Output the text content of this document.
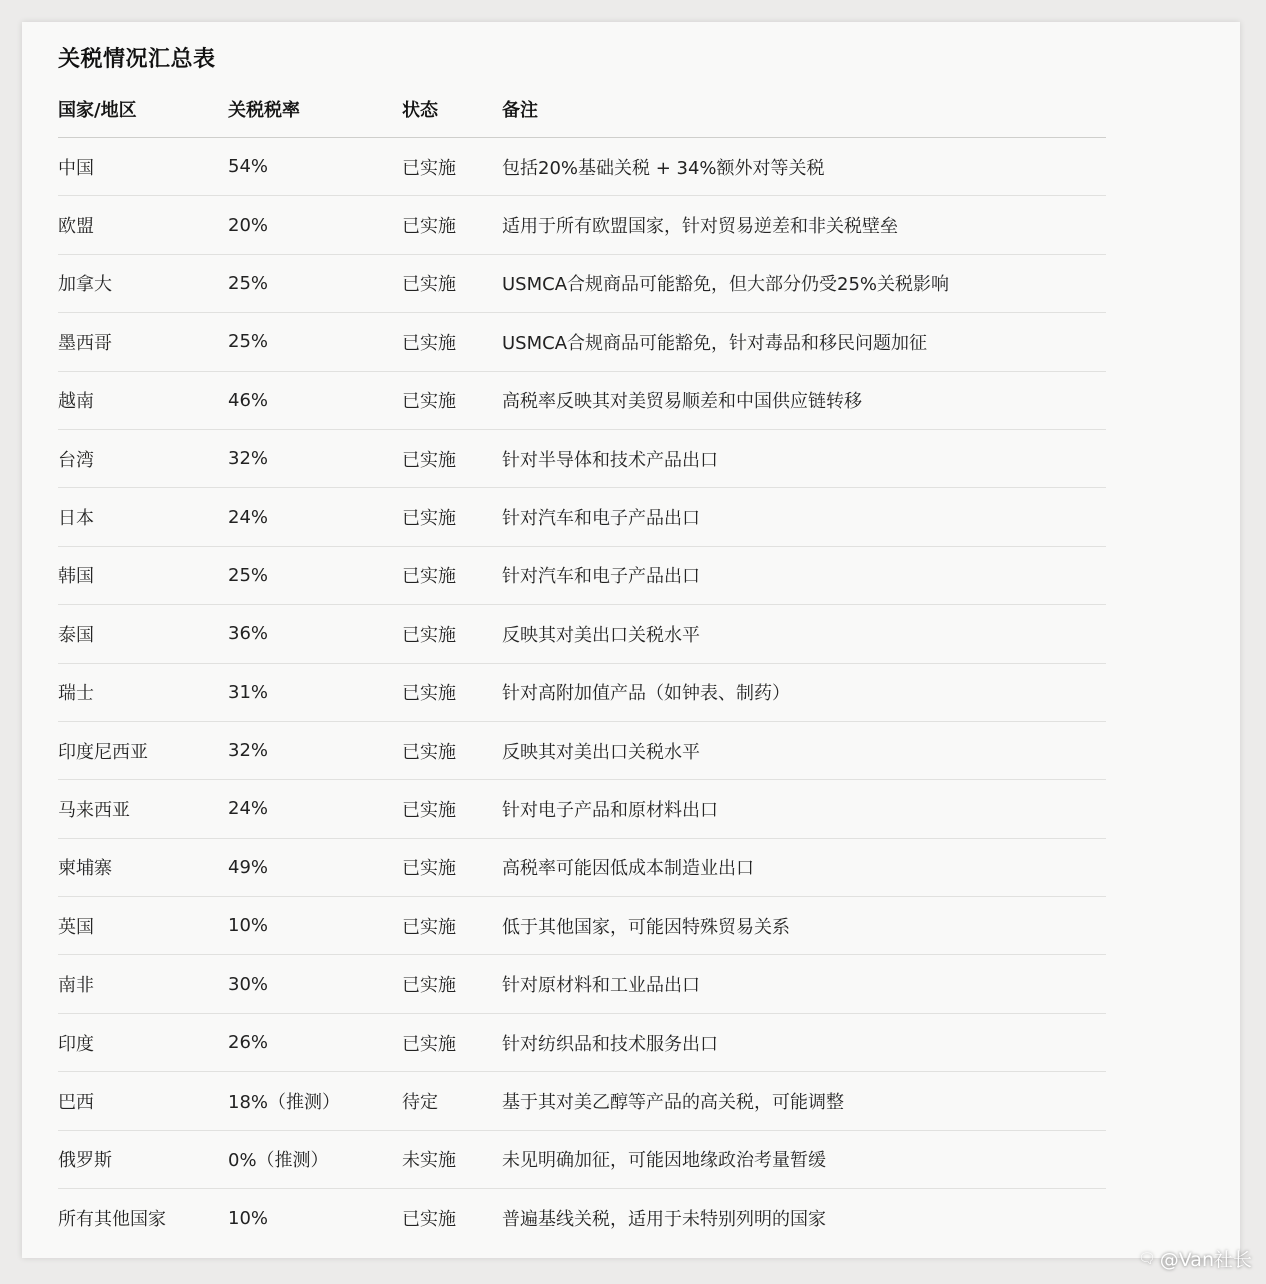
关税情况汇总表
国家/地区	关税税率	状态	备注
中国	54%	已实施	包括20%基础关税 + 34%额外对等关税
欧盟	20%	已实施	适用于所有欧盟国家，针对贸易逆差和非关税壁垒
加拿大	25%	已实施	USMCA合规商品可能豁免，但大部分仍受25%关税影响
墨西哥	25%	已实施	USMCA合规商品可能豁免，针对毒品和移民问题加征
越南	46%	已实施	高税率反映其对美贸易顺差和中国供应链转移
台湾	32%	已实施	针对半导体和技术产品出口
日本	24%	已实施	针对汽车和电子产品出口
韩国	25%	已实施	针对汽车和电子产品出口
泰国	36%	已实施	反映其对美出口关税水平
瑞士	31%	已实施	针对高附加值产品（如钟表、制药）
印度尼西亚	32%	已实施	反映其对美出口关税水平
马来西亚	24%	已实施	针对电子产品和原材料出口
柬埔寨	49%	已实施	高税率可能因低成本制造业出口
英国	10%	已实施	低于其他国家，可能因特殊贸易关系
南非	30%	已实施	针对原材料和工业品出口
印度	26%	已实施	针对纺织品和技术服务出口
巴西	18%（推测）	待定	基于其对美乙醇等产品的高关税，可能调整
俄罗斯	0%（推测）	未实施	未见明确加征，可能因地缘政治考量暂缓
所有其他国家	10%	已实施	普遍基线关税，适用于未特别列明的国家
🗨 @Van社长
